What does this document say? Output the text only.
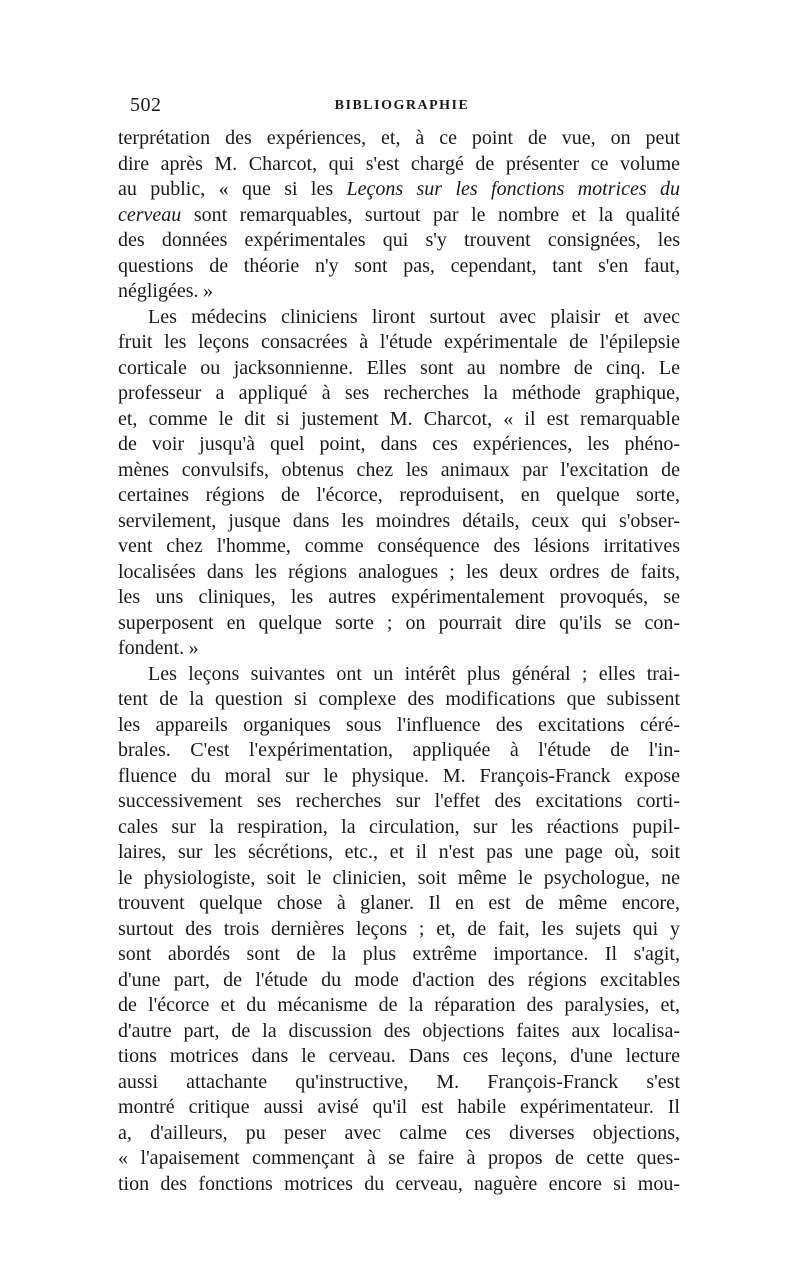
502	BIBLIOGRAPHIE
terprétation des expériences, et, à ce point de vue, on peut
dire après M. Charcot, qui s'est chargé de présenter ce volume
au public, « que si les Leçons sur les fonctions motrices du
cerveau sont remarquables, surtout par le nombre et la qualité
des données expérimentales qui s'y trouvent consignées, les
questions de théorie n'y sont pas, cependant, tant s'en faut,
négligées. »
Les médecins cliniciens liront surtout avec plaisir et avec
fruit les leçons consacrées à l'étude expérimentale de l'épilepsie
corticale ou jacksonnienne. Elles sont au nombre de cinq. Le
professeur a appliqué à ses recherches la méthode graphique,
et, comme le dit si justement M. Charcot, « il est remarquable
de voir jusqu'à quel point, dans ces expériences, les phéno-
mènes convulsifs, obtenus chez les animaux par l'excitation de
certaines régions de l'écorce, reproduisent, en quelque sorte,
servilement, jusque dans les moindres détails, ceux qui s'obser-
vent chez l'homme, comme conséquence des lésions irritatives
localisées dans les régions analogues ; les deux ordres de faits,
les uns cliniques, les autres expérimentalement provoqués, se
superposent en quelque sorte ; on pourrait dire qu'ils se con-
fondent. »
Les leçons suivantes ont un intérêt plus général ; elles trai-
tent de la question si complexe des modifications que subissent
les appareils organiques sous l'influence des excitations céré-
brales. C'est l'expérimentation, appliquée à l'étude de l'in-
fluence du moral sur le physique. M. François-Franck expose
successivement ses recherches sur l'effet des excitations corti-
cales sur la respiration, la circulation, sur les réactions pupil-
laires, sur les sécrétions, etc., et il n'est pas une page où, soit
le physiologiste, soit le clinicien, soit même le psychologue, ne
trouvent quelque chose à glaner. Il en est de même encore,
surtout des trois dernières leçons ; et, de fait, les sujets qui y
sont abordés sont de la plus extrême importance. Il s'agit,
d'une part, de l'étude du mode d'action des régions excitables
de l'écorce et du mécanisme de la réparation des paralysies, et,
d'autre part, de la discussion des objections faites aux localisa-
tions motrices dans le cerveau. Dans ces leçons, d'une lecture
aussi attachante qu'instructive, M. François-Franck s'est
montré critique aussi avisé qu'il est habile expérimentateur. Il
a, d'ailleurs, pu peser avec calme ces diverses objections,
« l'apaisement commençant à se faire à propos de cette ques-
tion des fonctions motrices du cerveau, naguère encore si mou-
